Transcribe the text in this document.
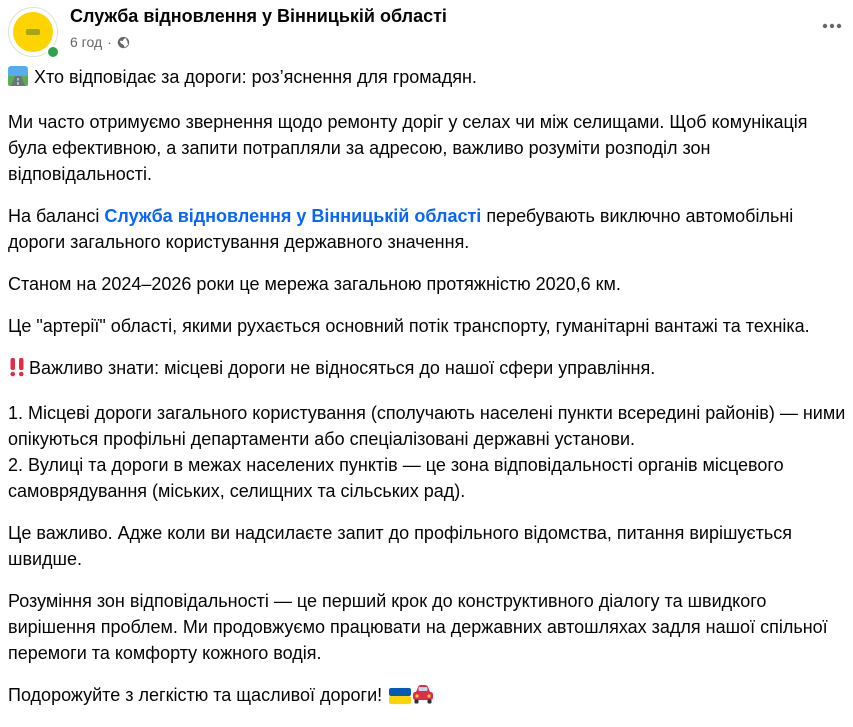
Служба відновлення у Вінницькій області
6 год ·

Хто відповідає за дороги: роз’яснення для громадян.

Ми часто отримуємо звернення щодо ремонту доріг у селах чи між селищами. Щоб комунікація була ефективною, а запити потрапляли за адресою, важливо розуміти розподіл зон відповідальності.

На балансі Служба відновлення у Вінницькій області перебувають виключно автомобільні дороги загального користування державного значення.

Станом на 2024–2026 роки це мережа загальною протяжністю 2020,6 км.

Це "артерії" області, якими рухається основний потік транспорту, гуманітарні вантажі та техніка.

Важливо знати: місцеві дороги не відносяться до нашої сфери управління.

1. Місцеві дороги загального користування (сполучають населені пункти всередині районів) — ними опікуються профільні департаменти або спеціалізовані державні установи.

2. Вулиці та дороги в межах населених пунктів — це зона відповідальності органів місцевого самоврядування (міських, селищних та сільських рад).

Це важливо. Адже коли ви надсилаєте запит до профільного відомства, питання вирішується швидше.

Розуміння зон відповідальності — це перший крок до конструктивного діалогу та швидкого вирішення проблем. Ми продовжуємо працювати на державних автошляхах задля нашої спільної перемоги та комфорту кожного водія.

Подорожуйте з легкістю та щасливої дороги!
